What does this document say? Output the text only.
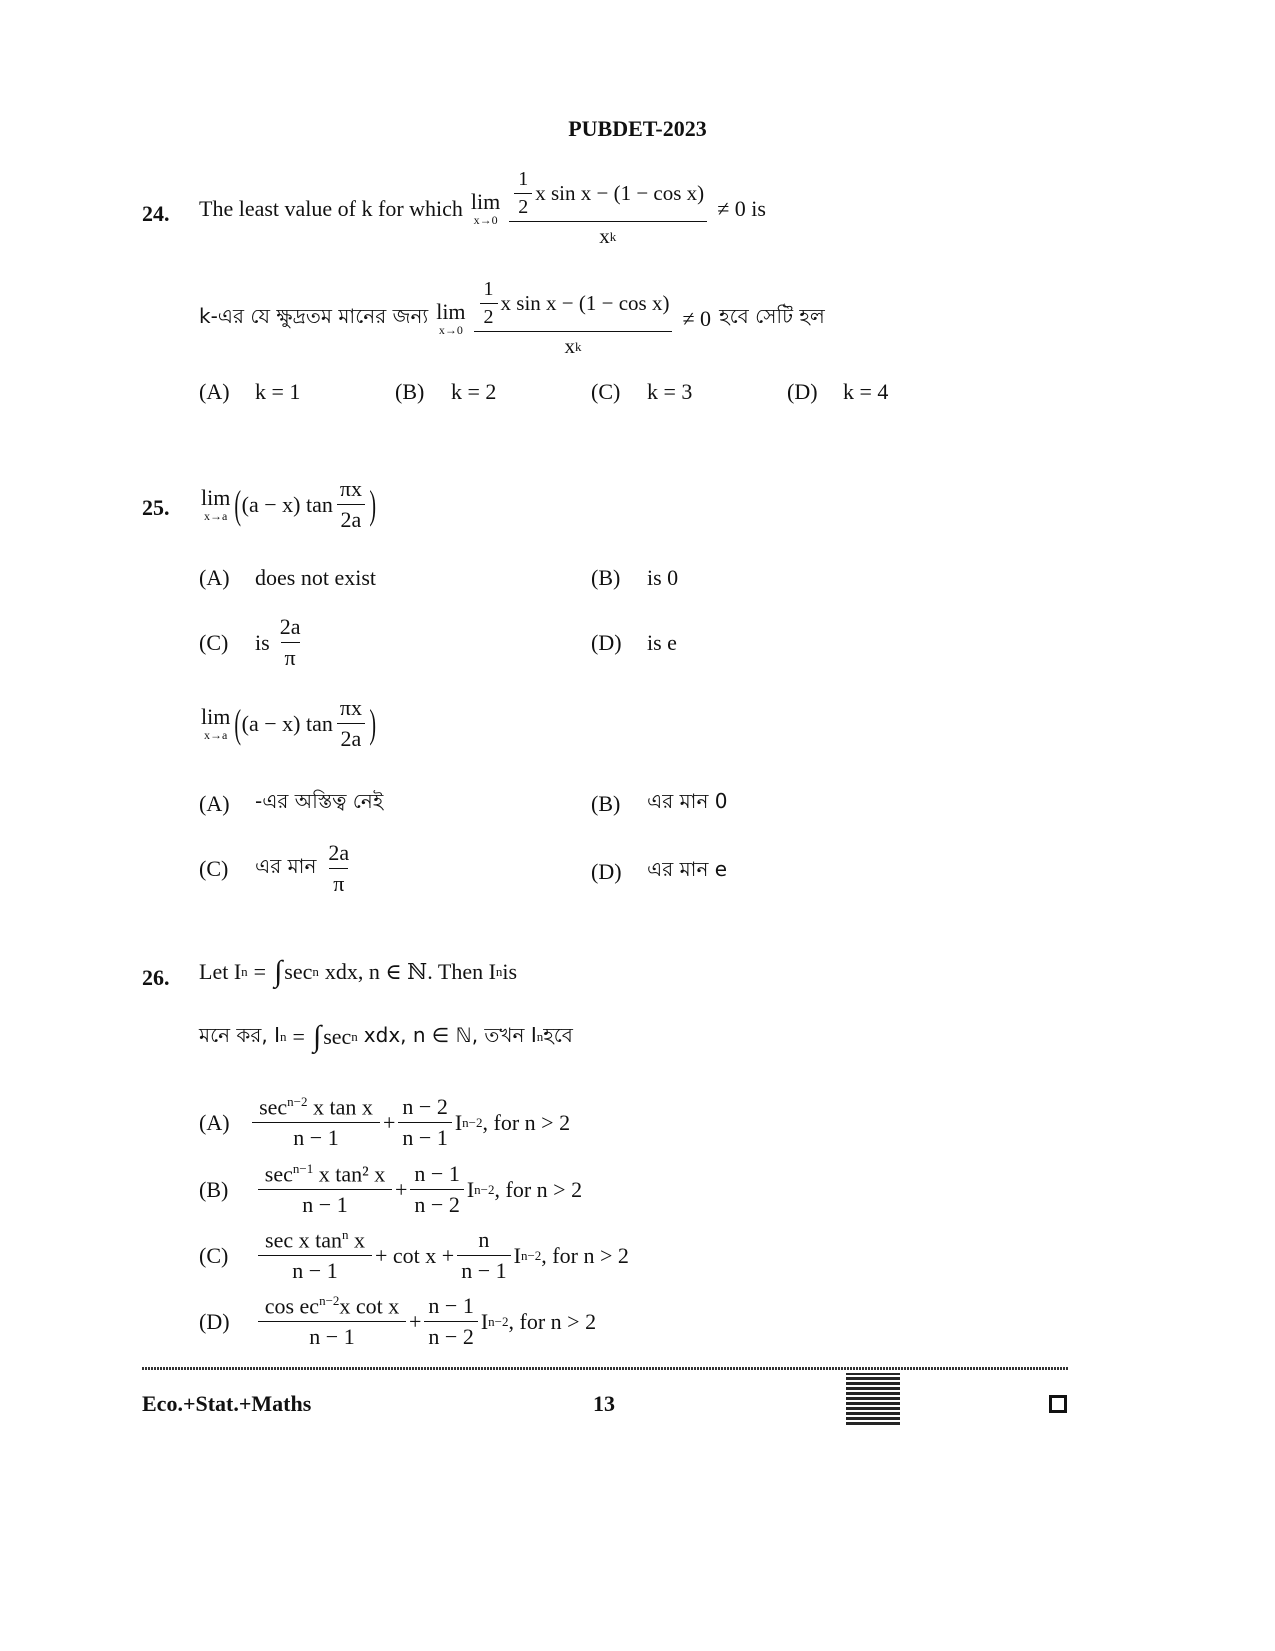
PUBDET-2023
24. The least value of k for which lim
$x\to 0 \frac{\frac{1}{2} x \sin x - (1 - \cos x)}{\text{x k}} \ne 0$ is
k-এর যে ক্ষুদ্রতম মানের জন্য lim
$x\to 0 \frac{\frac{1}{2} x \sin x - (1 - \cos x)}{\text{x k}} \ne 0$ হবে সেটি হল
(A) k = 1	(B) k = 2	(C) k = 3	(D) k = 4
25. lim
x→a ( (a − x) $\tan \frac{\pi x}{2a}$ )
(A) does not exist	(B) is 0
(C)	is $\frac{2a}{\pi}$	(D) is e
lim
x→a ( (a − x) $\tan \frac{\pi x}{2a}$ )
(A)	-এর অস্তিত্ব নেই	(B)	এর মান 0
(C)	এর মান $\frac{2a}{\pi}$	(D)	এর মান e
26. Let I n = ∫ sec n xdx, n ∈ ℕ. Then I n is
মনে কর, I n = ∫ sec n xdx, n ∈ ℕ, তখন I n হবে
(A)	$\frac{\sec^{n-2} x \tan x}{n - 1} + \frac{n - 2}{n - 1}$ I n−2 , for n > 2
(B)	$\frac{\sec^{n-1} x \tan^2 x}{n - 1} + \frac{n - 1}{n - 2}$ I n−2 , for n > 2
(C)	$\frac{\sec x \tan^n x}{n - 1} + \cot x + \frac{n}{n - 1}$ I n−2 , for n > 2
(D)	$\frac{\cos ec^{n-2}x \cot x}{n - 1} + \frac{n - 1}{n - 2}$ I n−2 , for n > 2
Eco.+Stat.+Maths	13
